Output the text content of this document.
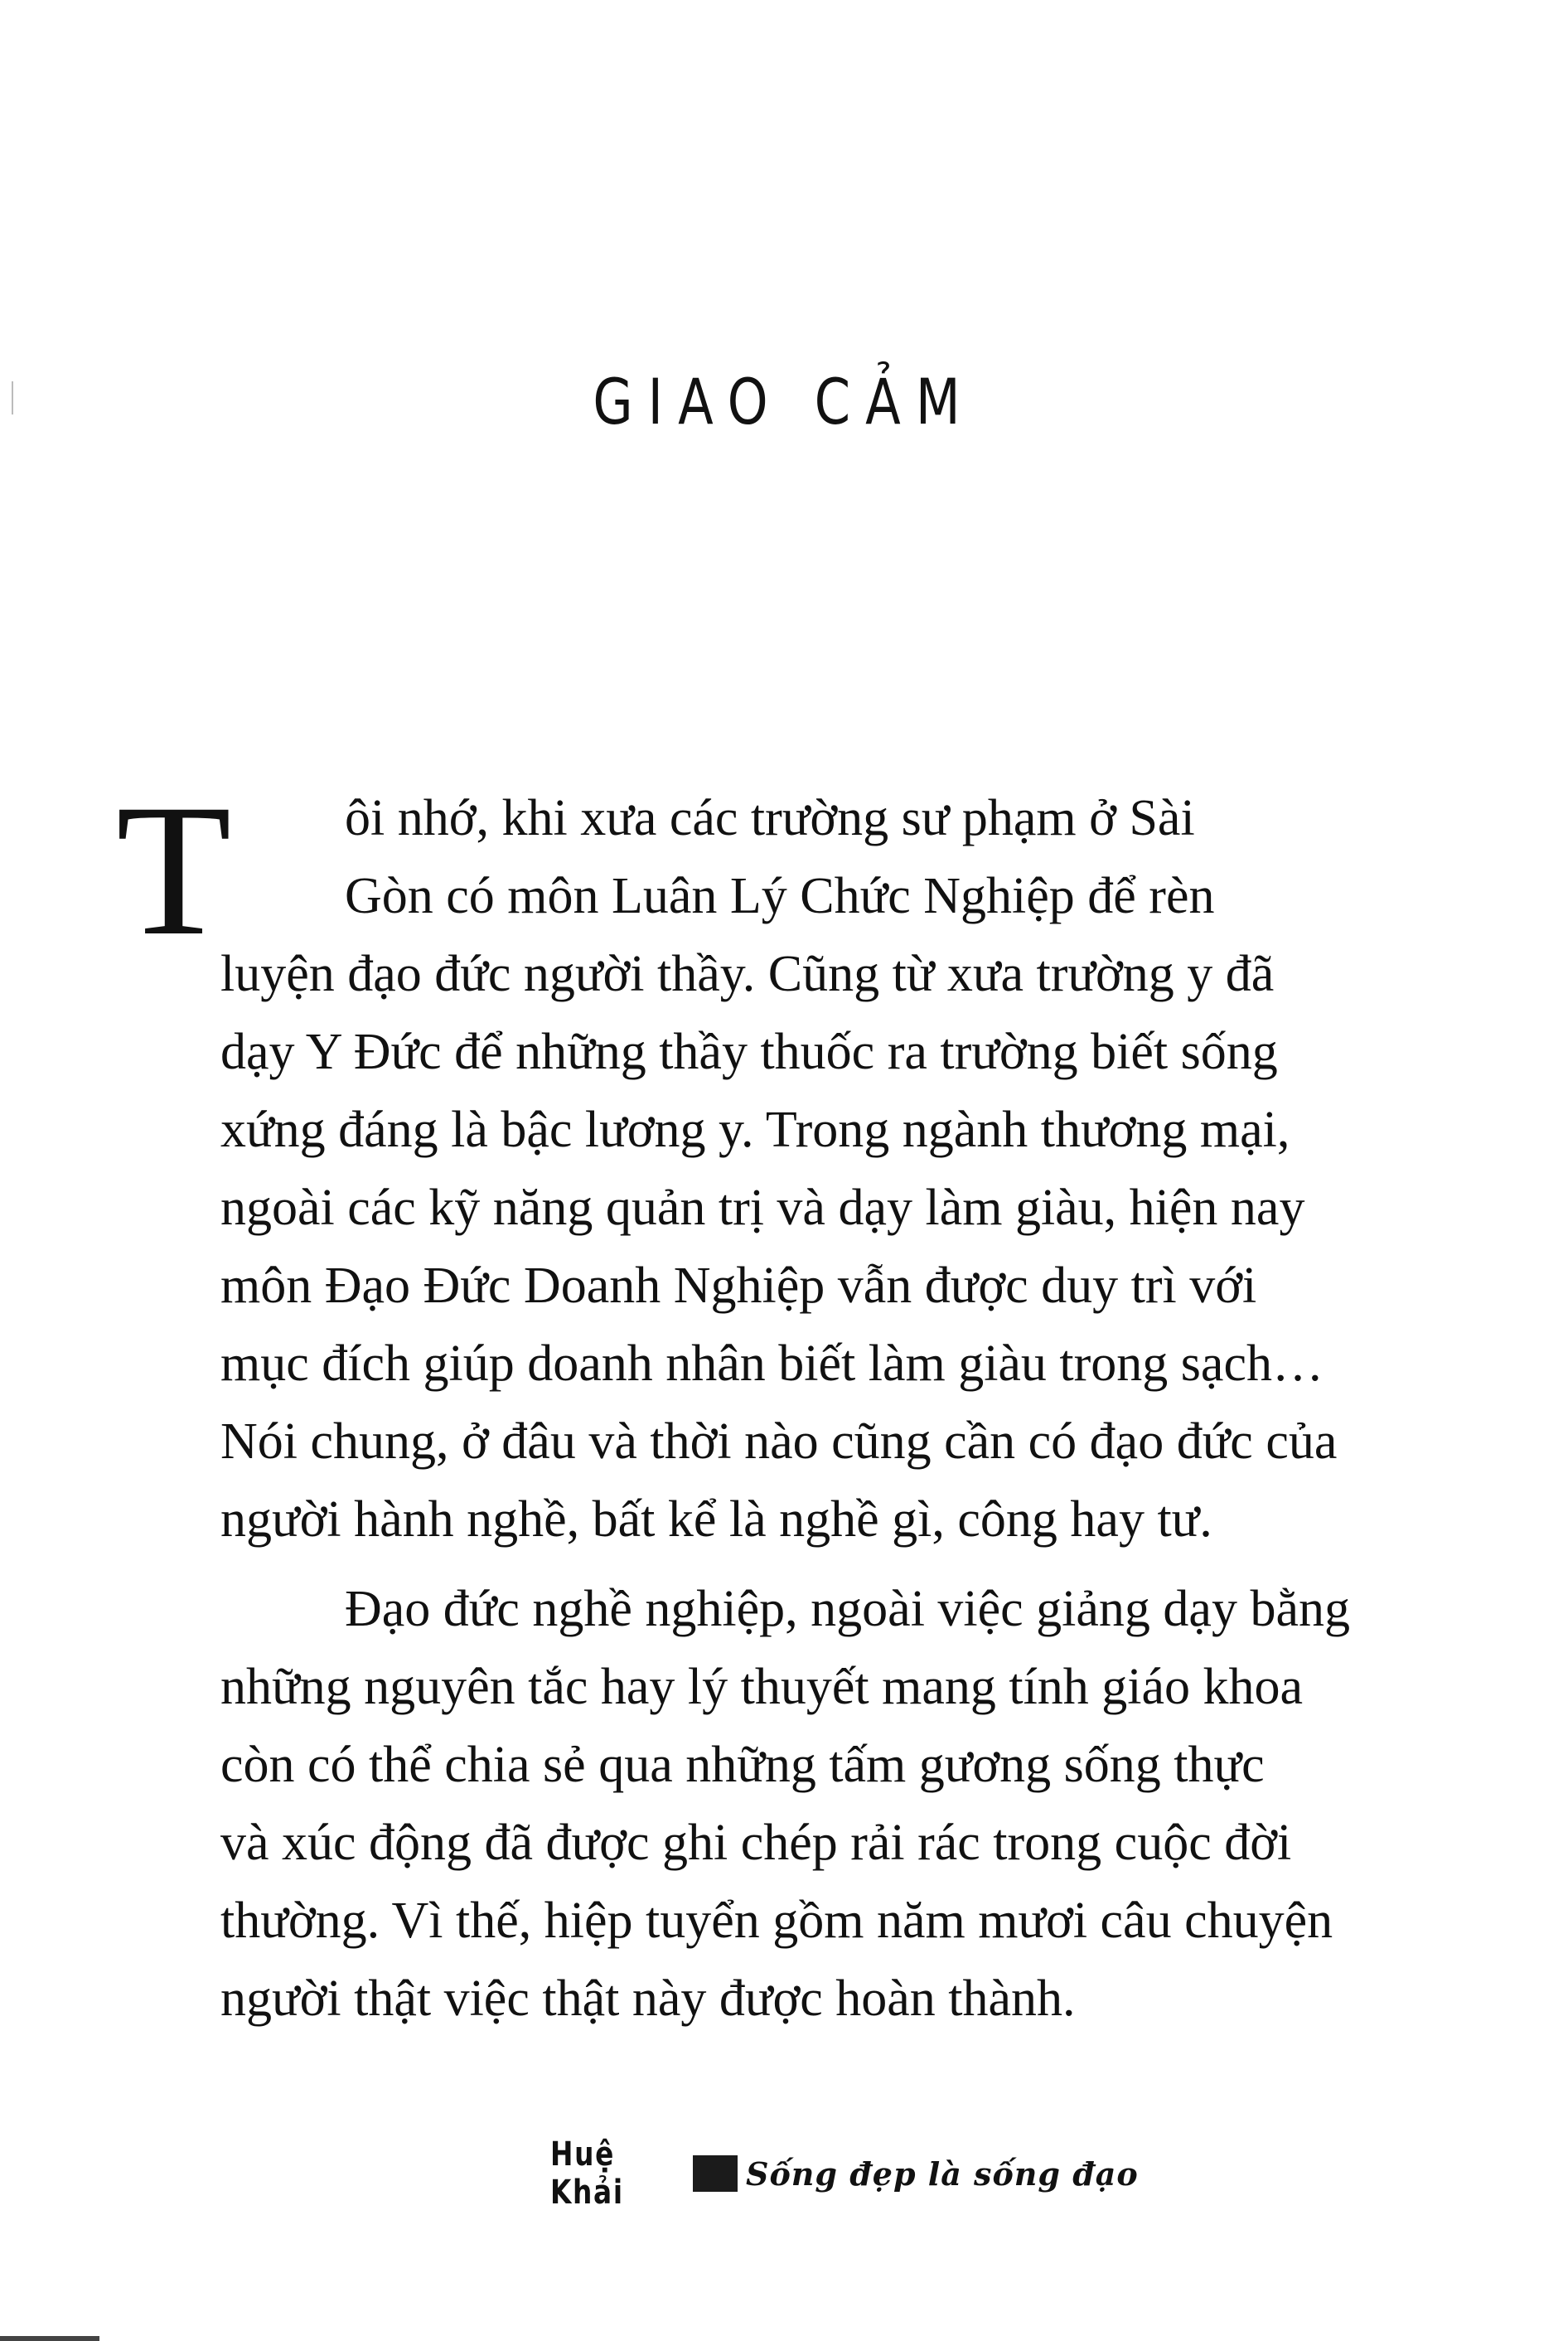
GIAO CẢM
T	ôi nhớ, khi xưa các trường sư phạm ở Sài
Gòn có môn Luân Lý Chức Nghiệp để rèn
luyện đạo đức người thầy. Cũng từ xưa trường y đã
dạy Y Đức để những thầy thuốc ra trường biết sống
xứng đáng là bậc lương y. Trong ngành thương mại,
ngoài các kỹ năng quản trị và dạy làm giàu, hiện nay
môn Đạo Đức Doanh Nghiệp vẫn được duy trì với
mục đích giúp doanh nhân biết làm giàu trong sạch…
Nói chung, ở đâu và thời nào cũng cần có đạo đức của
người hành nghề, bất kể là nghề gì, công hay tư.

Đạo đức nghề nghiệp, ngoài việc giảng dạy bằng
những nguyên tắc hay lý thuyết mang tính giáo khoa
còn có thể chia sẻ qua những tấm gương sống thực
và xúc động đã được ghi chép rải rác trong cuộc đời
thường. Vì thế, hiệp tuyển gồm năm mươi câu chuyện
người thật việc thật này được hoàn thành.

Huệ Khải	Sống đẹp là sống đạo
